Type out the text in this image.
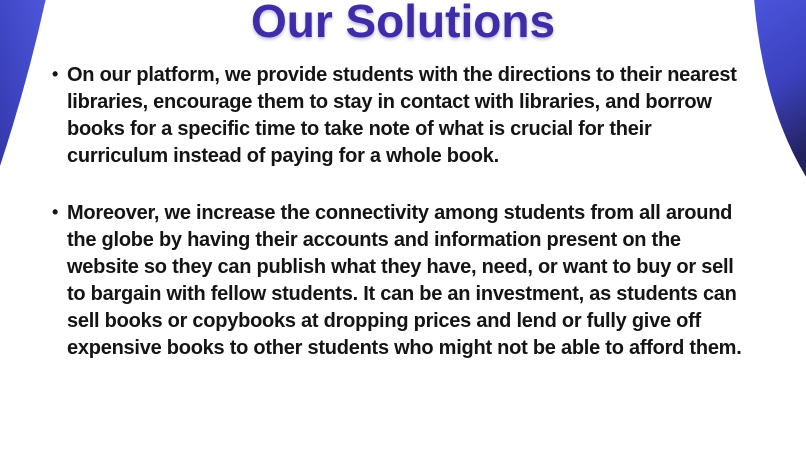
Our Solutions
• On our platform, we provide students with the directions to their nearest libraries, encourage them to stay in contact with libraries, and borrow books for a specific time to take note of what is crucial for their curriculum instead of paying for a whole book.
• Moreover, we increase the connectivity among students from all around the globe by having their accounts and information present on the website so they can publish what they have, need, or want to buy or sell to bargain with fellow students. It can be an investment, as students can sell books or copybooks at dropping prices and lend or fully give off expensive books to other students who might not be able to afford them.
